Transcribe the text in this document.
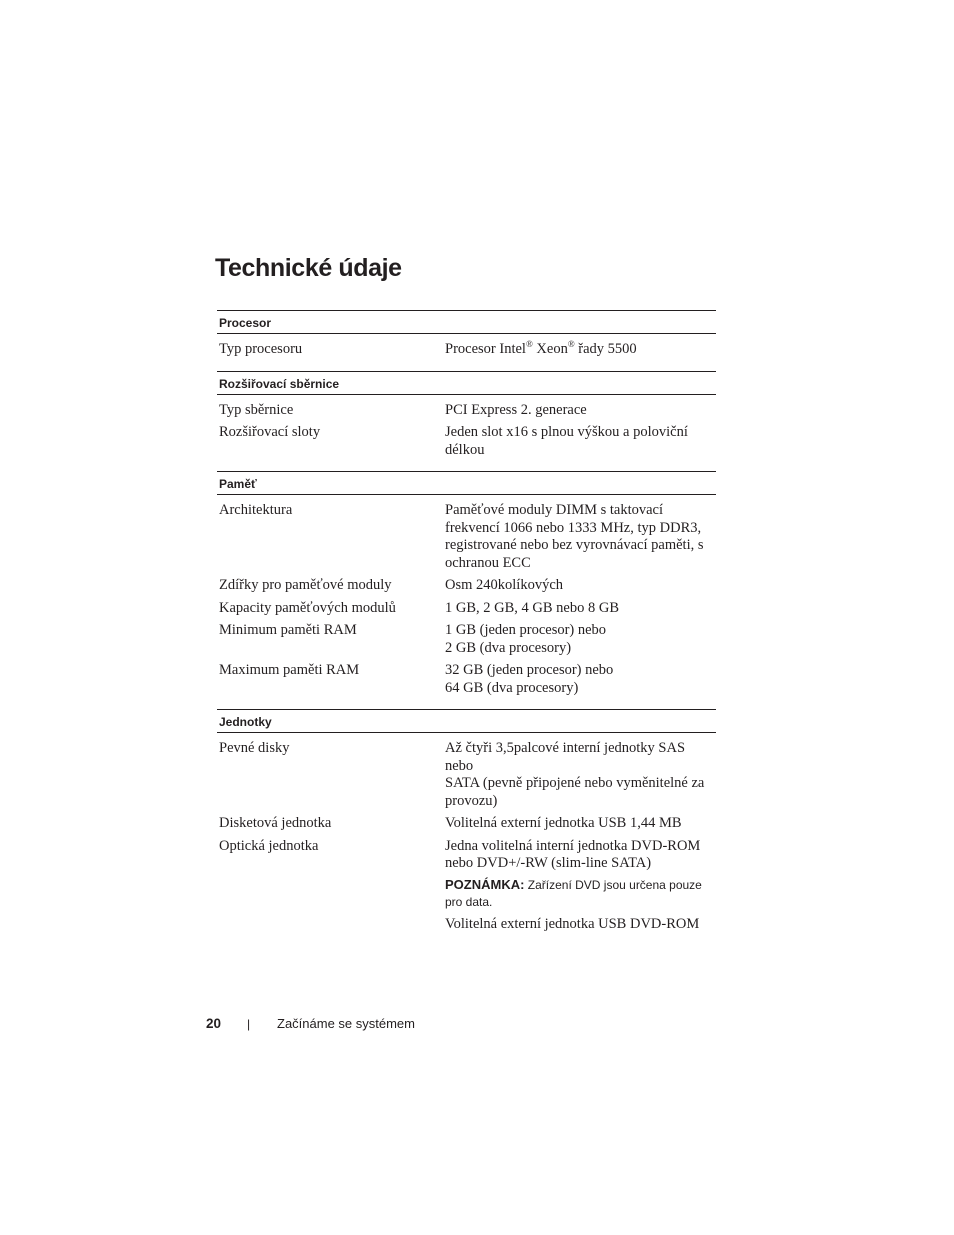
Technické údaje
Procesor
Typ procesoru	Procesor Intel® Xeon® řady 5500
Rozšiřovací sběrnice
Typ sběrnice	PCI Express 2. generace
Rozšiřovací sloty	Jeden slot x16 s plnou výškou a poloviční
délkou
Paměť
Architektura	Paměťové moduly DIMM s taktovací
frekvencí 1066 nebo 1333 MHz, typ DDR3,
registrované nebo bez vyrovnávací paměti, s
ochranou ECC
Zdířky pro paměťové moduly	Osm 240kolíkových
Kapacity paměťových modulů	1 GB, 2 GB, 4 GB nebo 8 GB
Minimum paměti RAM	1 GB (jeden procesor) nebo
2 GB (dva procesory)
Maximum paměti RAM	32 GB (jeden procesor) nebo
64 GB (dva procesory)
Jednotky
Pevné disky	Až čtyři 3,5palcové interní jednotky SAS nebo
SATA (pevně připojené nebo vyměnitelné za
provozu)
Disketová jednotka	Volitelná externí jednotka USB 1,44 MB
Optická jednotka	Jedna volitelná interní jednotka DVD-ROM
nebo DVD+/-RW (slim-line SATA)
POZNÁMKA: Zařízení DVD jsou určena pouze
pro data.
Volitelná externí jednotka USB DVD-ROM
20 | Začínáme se systémem
